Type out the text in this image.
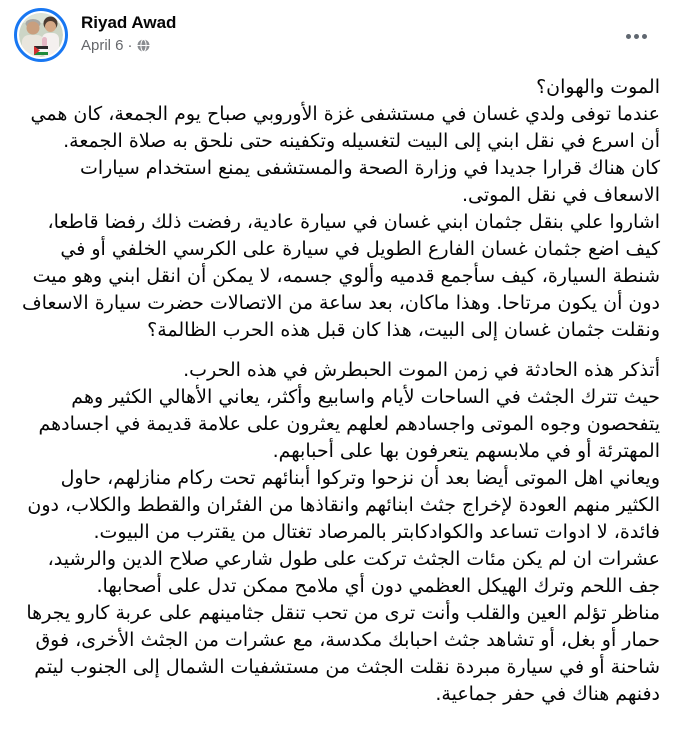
Riyad Awad
April 6 ·

الموت والهوان؟

عندما توفى ولدي غسان في مستشفى غزة الأوروبي صباح يوم الجمعة، كان همي أن اسرع في نقل ابني إلى البيت لتغسيله وتكفينه حتى نلحق به صلاة الجمعة.

كان هناك قرارا جديدا في وزارة الصحة والمستشفى يمنع استخدام سيارات الاسعاف في نقل الموتى.

اشاروا علي بنقل جثمان ابني غسان في سيارة عادية، رفضت ذلك رفضا قاطعا، كيف اضع جثمان غسان الفارع الطويل في سيارة على الكرسي الخلفي أو في شنطة السيارة، كيف سأجمع قدميه وألوي جسمه، لا يمكن أن انقل ابني وهو ميت دون أن يكون مرتاحا. وهذا ماكان، بعد ساعة من الاتصالات حضرت سيارة الاسعاف ونقلت جثمان غسان إلى البيت، هذا كان قبل هذه الحرب الظالمة؟

أتذكر هذه الحادثة في زمن الموت الحبطرش في هذه الحرب.

حيث تترك الجثث في الساحات لأيام واسابيع وأكثر، يعاني الأهالي الكثير وهم يتفحصون وجوه الموتى واجسادهم لعلهم يعثرون على علامة قديمة في اجسادهم المهترئة أو في ملابسهم يتعرفون بها على أحبابهم.

ويعاني اهل الموتى أيضا بعد أن نزحوا وتركوا أبنائهم تحت ركام منازلهم، حاول الكثير منهم العودة لإخراج جثث ابنائهم وانقاذها من الفئران والقطط والكلاب، دون فائدة، لا ادوات تساعد والكوادكابتر بالمرصاد تغتال من يقترب من البيوت.

عشرات ان لم يكن مئات الجثث تركت على طول شارعي صلاح الدين والرشيد، جف اللحم وترك الهيكل العظمي دون أي ملامح ممكن تدل على أصحابها.

مناظر تؤلم العين والقلب وأنت ترى من تحب تنقل جثامينهم على عربة كارو يجرها حمار أو بغل، أو تشاهد جثث احبابك مكدسة، مع عشرات من الجثث الأخرى، فوق شاحنة أو في سيارة مبردة نقلت الجثث من مستشفيات الشمال إلى الجنوب ليتم دفنهم هناك في حفر جماعية.
